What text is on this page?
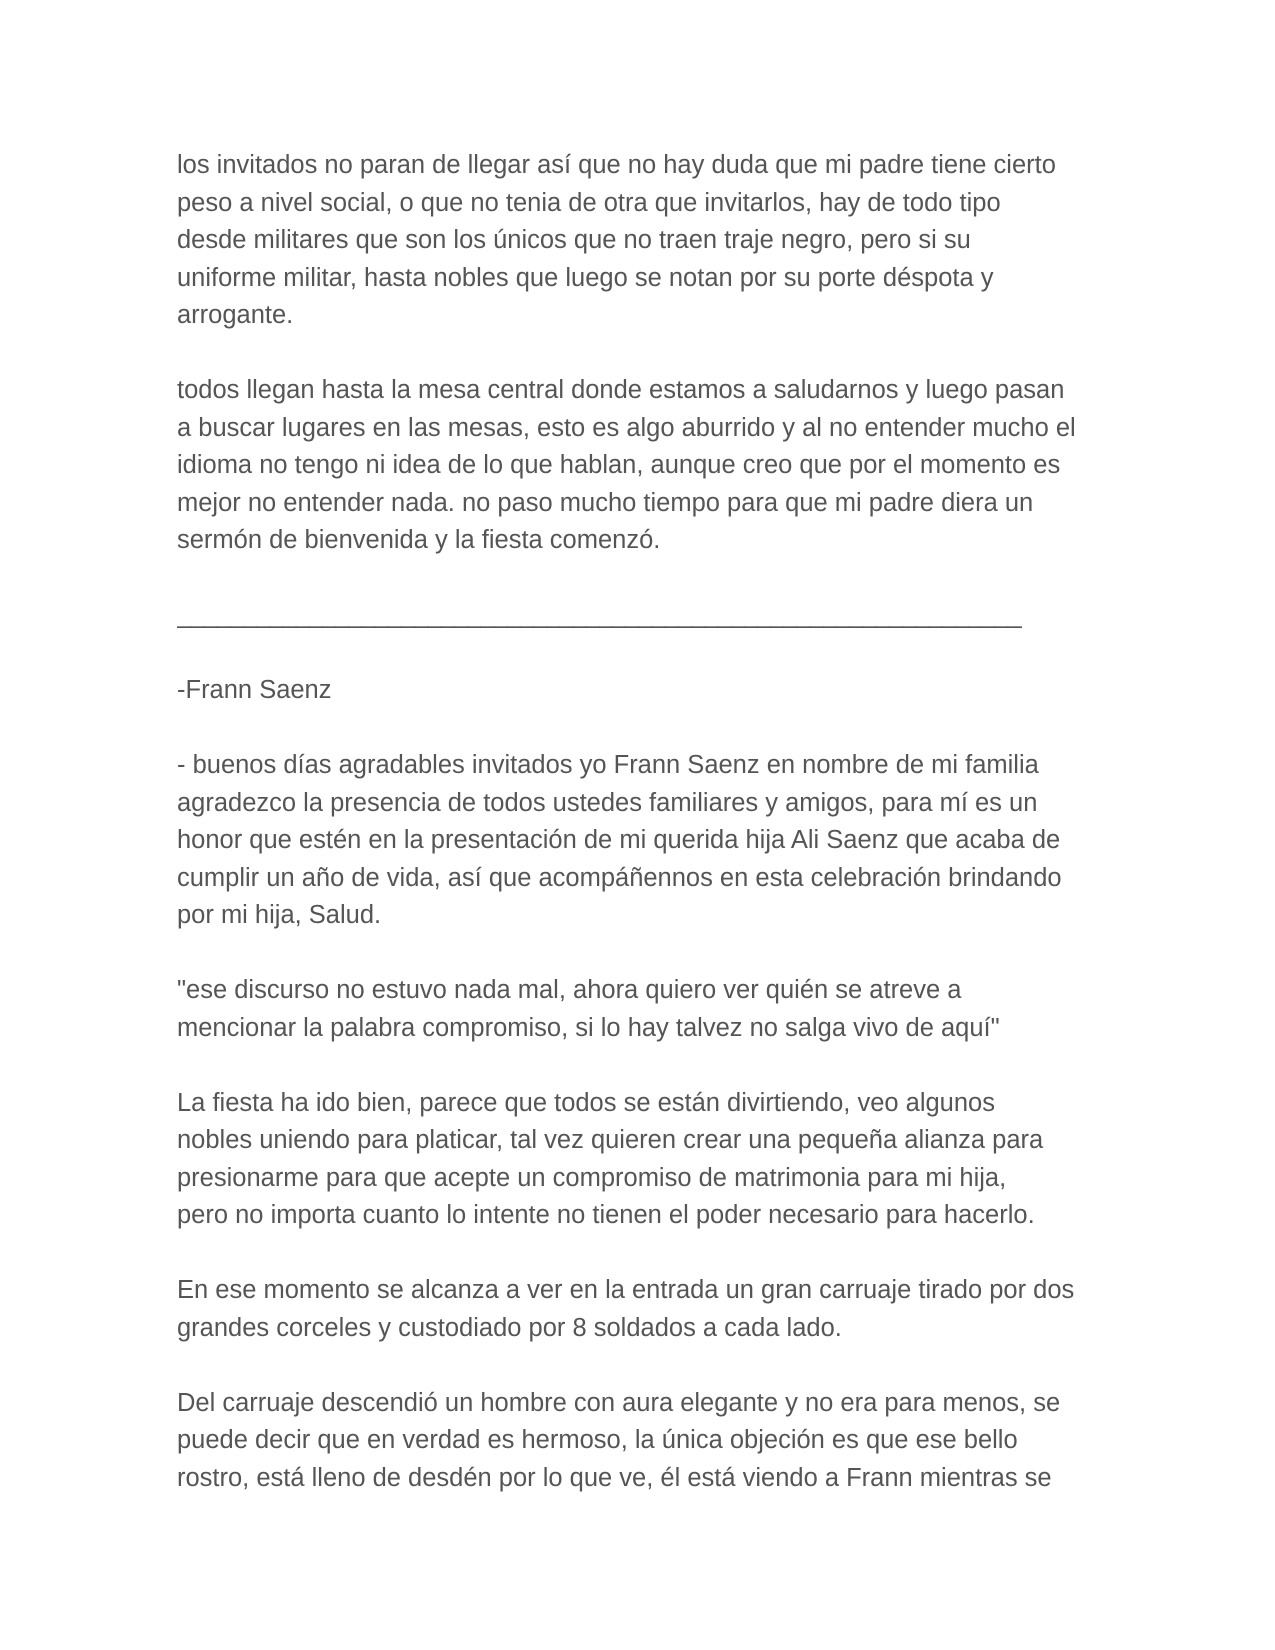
los invitados no paran de llegar así que no hay duda que mi padre tiene cierto
peso a nivel social, o que no tenia de otra que invitarlos, hay de todo tipo
desde militares que son los únicos que no traen traje negro, pero si su
uniforme militar, hasta nobles que luego se notan por su porte déspota y
arrogante.

todos llegan hasta la mesa central donde estamos a saludarnos y luego pasan
a buscar lugares en las mesas, esto es algo aburrido y al no entender mucho el
idioma no tengo ni idea de lo que hablan, aunque creo que por el momento es
mejor no entender nada. no paso mucho tiempo para que mi padre diera un
sermón de bienvenida y la fiesta comenzó.

________________________________________________________________

-Frann Saenz

- buenos días agradables invitados yo Frann Saenz en nombre de mi familia
agradezco la presencia de todos ustedes familiares y amigos, para mí es un
honor que estén en la presentación de mi querida hija Ali Saenz que acaba de
cumplir un año de vida, así que acompáñennos en esta celebración brindando
por mi hija, Salud.

"ese discurso no estuvo nada mal, ahora quiero ver quién se atreve a
mencionar la palabra compromiso, si lo hay talvez no salga vivo de aquí"

La fiesta ha ido bien, parece que todos se están divirtiendo, veo algunos
nobles uniendo para platicar, tal vez quieren crear una pequeña alianza para
presionarme para que acepte un compromiso de matrimonia para mi hija,
pero no importa cuanto lo intente no tienen el poder necesario para hacerlo.

En ese momento se alcanza a ver en la entrada un gran carruaje tirado por dos
grandes corceles y custodiado por 8 soldados a cada lado.

Del carruaje descendió un hombre con aura elegante y no era para menos, se
puede decir que en verdad es hermoso, la única objeción es que ese bello
rostro, está lleno de desdén por lo que ve, él está viendo a Frann mientras se
